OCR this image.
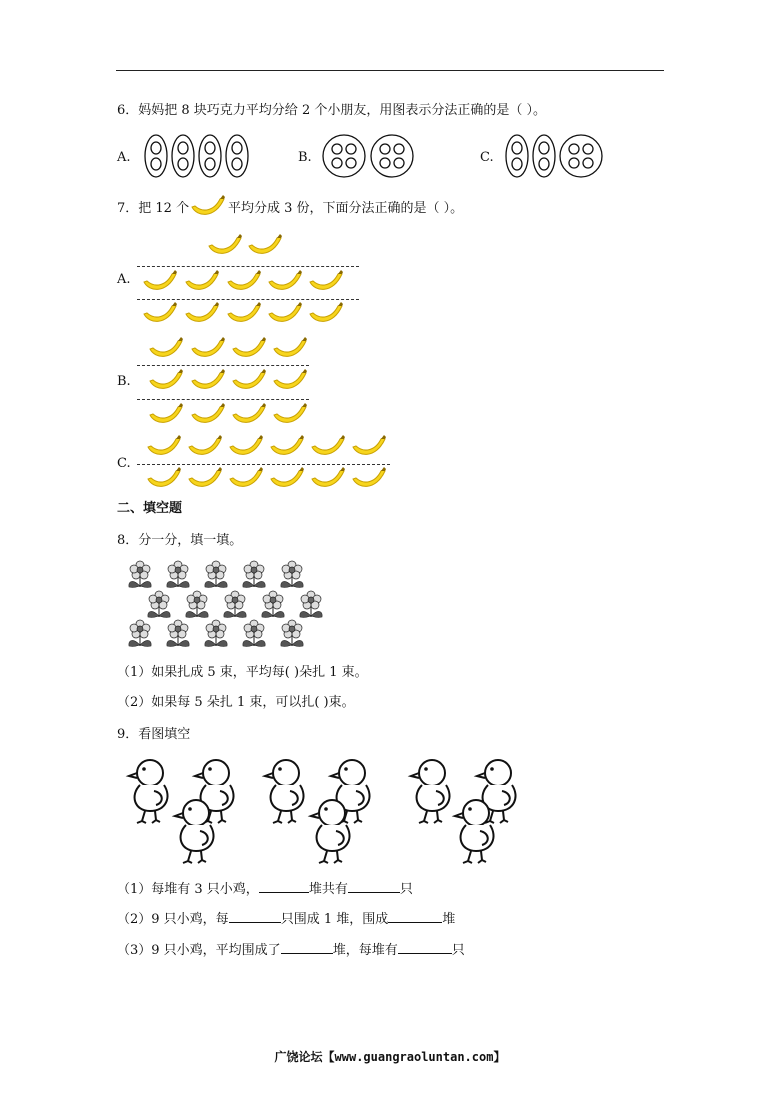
6．妈妈把 8 块巧克力平均分给 2 个小朋友，用图表示分法正确的是（ ）。
A.	B.	C.
7．把 12 个	平均分成 3 份，下面分法正确的是（ ）。
A.
B.
C.
二、填空题
8．分一分，填一填。
（1）如果扎成 5 束，平均每( )朵扎 1 束。
（2）如果每 5 朵扎 1 束，可以扎( )束。
9．看图填空
（1）每堆有 3 只小鸡，	堆共有	只
（2）9 只小鸡，每	只围成 1 堆，围成	堆
（3）9 只小鸡，平均围成了	堆，每堆有	只
广饶论坛【www.guangraoluntan.com】
